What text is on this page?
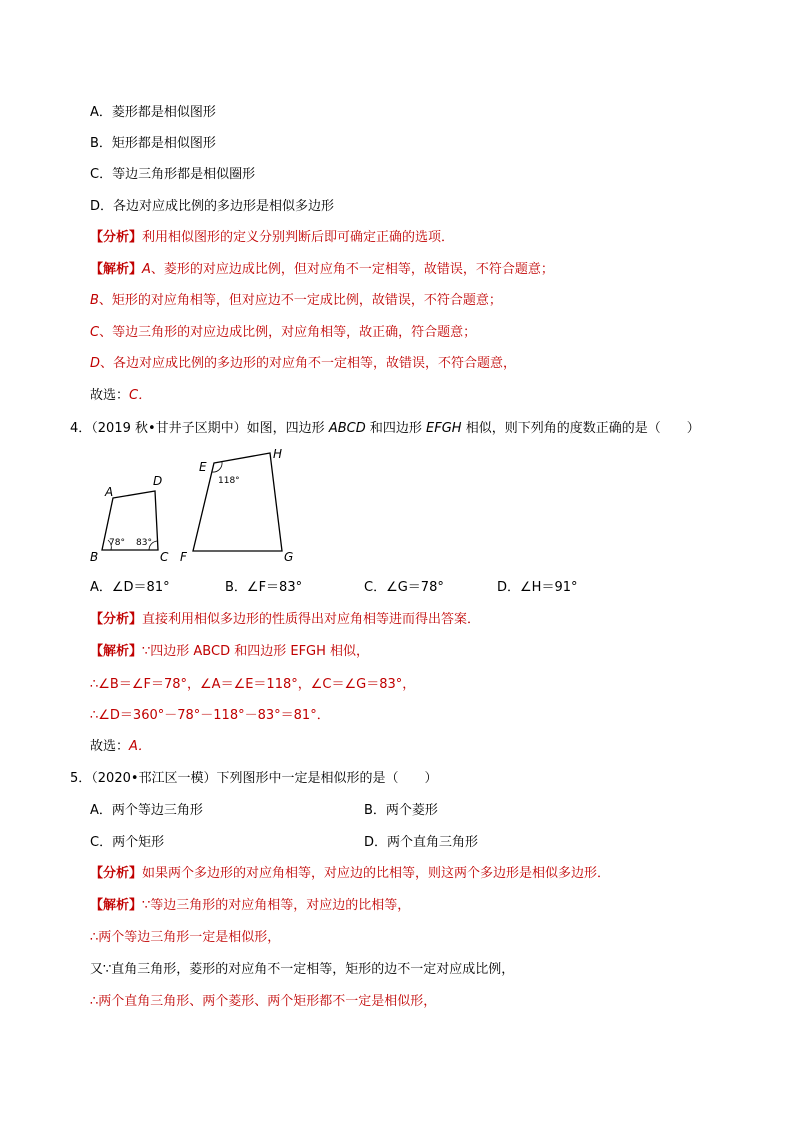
A．菱形都是相似图形
B．矩形都是相似图形
C．等边三角形都是相似圈形
D．各边对应成比例的多边形是相似多边形
【分析】利用相似图形的定义分别判断后即可确定正确的选项．
【解析】A、菱形的对应边成比例，但对应角不一定相等，故错误，不符合题意；
B、矩形的对应角相等，但对应边不一定成比例，故错误，不符合题意；
C、等边三角形的对应边成比例，对应角相等，故正确，符合题意；
D、各边对应成比例的多边形的对应角不一定相等，故错误，不符合题意，
故选：C．
4．（2019 秋•甘井子区期中）如图，四边形 ABCD 和四边形 EFGH 相似，则下列角的度数正确的是（　　）
A
B	C
D
78° 83°
E
F	G
H
118°
A．∠D＝81°	B．∠F＝83°	C．∠G＝78°	D．∠H＝91°
【分析】直接利用相似多边形的性质得出对应角相等进而得出答案．
【解析】∵四边形 ABCD 和四边形 EFGH 相似，
∴∠B＝∠F＝78°，∠A＝∠E＝118°，∠C＝∠G＝83°，
∴∠D＝360°－78°－118°－83°＝81°．
故选：A．
5．（2020•邗江区一模）下列图形中一定是相似形的是（　　）
A．两个等边三角形	B．两个菱形
C．两个矩形	D．两个直角三角形
【分析】如果两个多边形的对应角相等，对应边的比相等，则这两个多边形是相似多边形．
【解析】∵等边三角形的对应角相等，对应边的比相等，
∴两个等边三角形一定是相似形，
又∵直角三角形，菱形的对应角不一定相等，矩形的边不一定对应成比例，
∴两个直角三角形、两个菱形、两个矩形都不一定是相似形，
